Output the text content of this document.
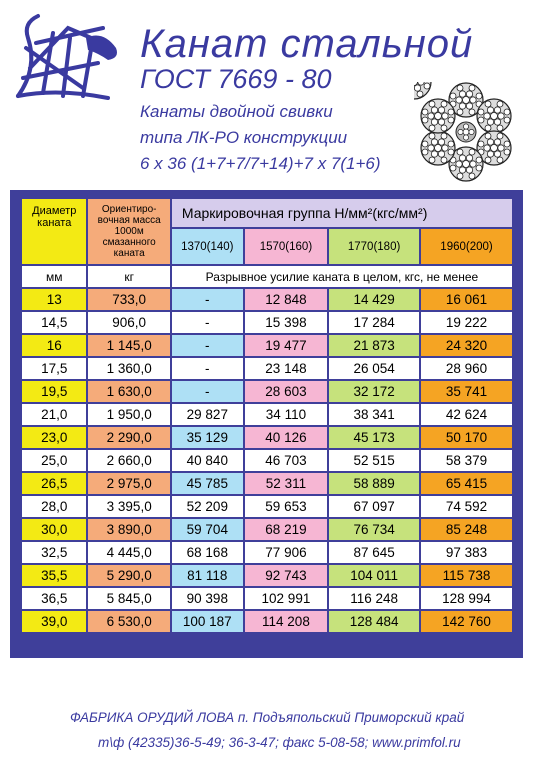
Канат стальной
ГОСТ 7669 - 80
Канаты двойной свивки
типа ЛК-РО конструкции
6 х 36 (1+7+7/7+14)+7 х 7(1+6)
Диаметр каната	Ориентиро-вочная масса 1000м смазанного каната	Маркировочная группа Н/мм²(кгс/мм²)			
		1370(140)	1570(160)	1770(180)	1960(200)
мм	кг	Разрывное усилие каната в целом, кгс, не менее			
13	733,0	-	12 848	14 429	16 061
14,5	906,0	-	15 398	17 284	19 222
16	1 145,0	-	19 477	21 873	24 320
17,5	1 360,0	-	23 148	26 054	28 960
19,5	1 630,0	-	28 603	32 172	35 741
21,0	1 950,0	29 827	34 110	38 341	42 624
23,0	2 290,0	35 129	40 126	45 173	50 170
25,0	2 660,0	40 840	46 703	52 515	58 379
26,5	2 975,0	45 785	52 311	58 889	65 415
28,0	3 395,0	52 209	59 653	67 097	74 592
30,0	3 890,0	59 704	68 219	76 734	85 248
32,5	4 445,0	68 168	77 906	87 645	97 383
35,5	5 290,0	81 118	92 743	104 011	115 738
36,5	5 845,0	90 398	102 991	116 248	128 994
39,0	6 530,0	100 187	114 208	128 484	142 760
ФАБРИКА ОРУДИЙ ЛОВА п. Подъяпольский Приморский край
т\ф (42335)36-5-49; 36-3-47; факс 5-08-58; www.primfol.ru
